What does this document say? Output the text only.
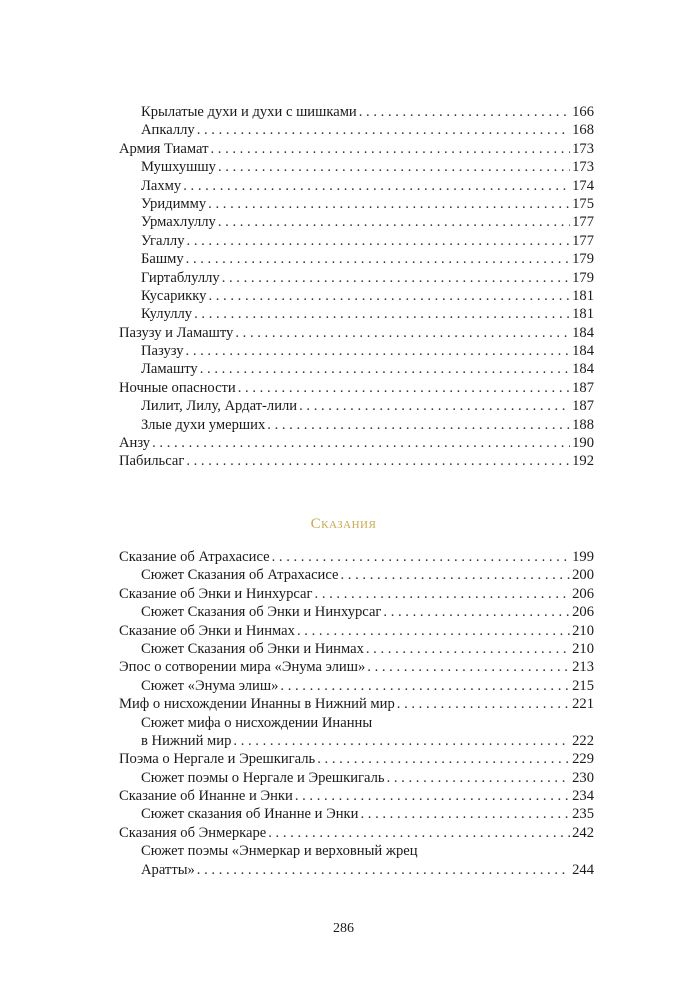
Крылатые духи и духи с шишками . . .	166
Апкаллу . . .	168
Армия Тиамат . . .	173
Мушхушшу . . .	173
Лахму . . .	174
Уридимму . . .	175
Урмахлуллу . . .	177
Угаллу . . .	177
Башму . . .	179
Гиртаблуллу . . .	179
Кусарикку . . .	181
Кулуллу . . .	181
Пазузу и Ламашту . . .	184
Пазузу . . .	184
Ламашту . . .	184
Ночные опасности . . .	187
Лилит, Лилу, Ардат-лили . . .	187
Злые духи умерших . . .	188
Анзу . . .	190
Пабильсаг . . .	192
Сказания
Сказание об Атрахасисе . . .	199
Сюжет Сказания об Атрахасисе . . .	200
Сказание об Энки и Нинхурсаг . . .	206
Сюжет Сказания об Энки и Нинхурсаг . . .	206
Сказание об Энки и Нинмах . . .	210
Сюжет Сказания об Энки и Нинмах . . .	210
Эпос о сотворении мира «Энума элиш» . . .	213
Сюжет «Энума элиш» . . .	215
Миф о нисхождении Инанны в Нижний мир . . .	221
Сюжет мифа о нисхождении Инанны
в Нижний мир . . .	222
Поэма о Нергале и Эрешкигаль . . .	229
Сюжет поэмы о Нергале и Эрешкигаль . . .	230
Сказание об Инанне и Энки . . .	234
Сюжет сказания об Инанне и Энки . . .	235
Сказания об Энмеркаре . . .	242
Сюжет поэмы «Энмеркар и верховный жрец
Аратты» . . .	244
286
